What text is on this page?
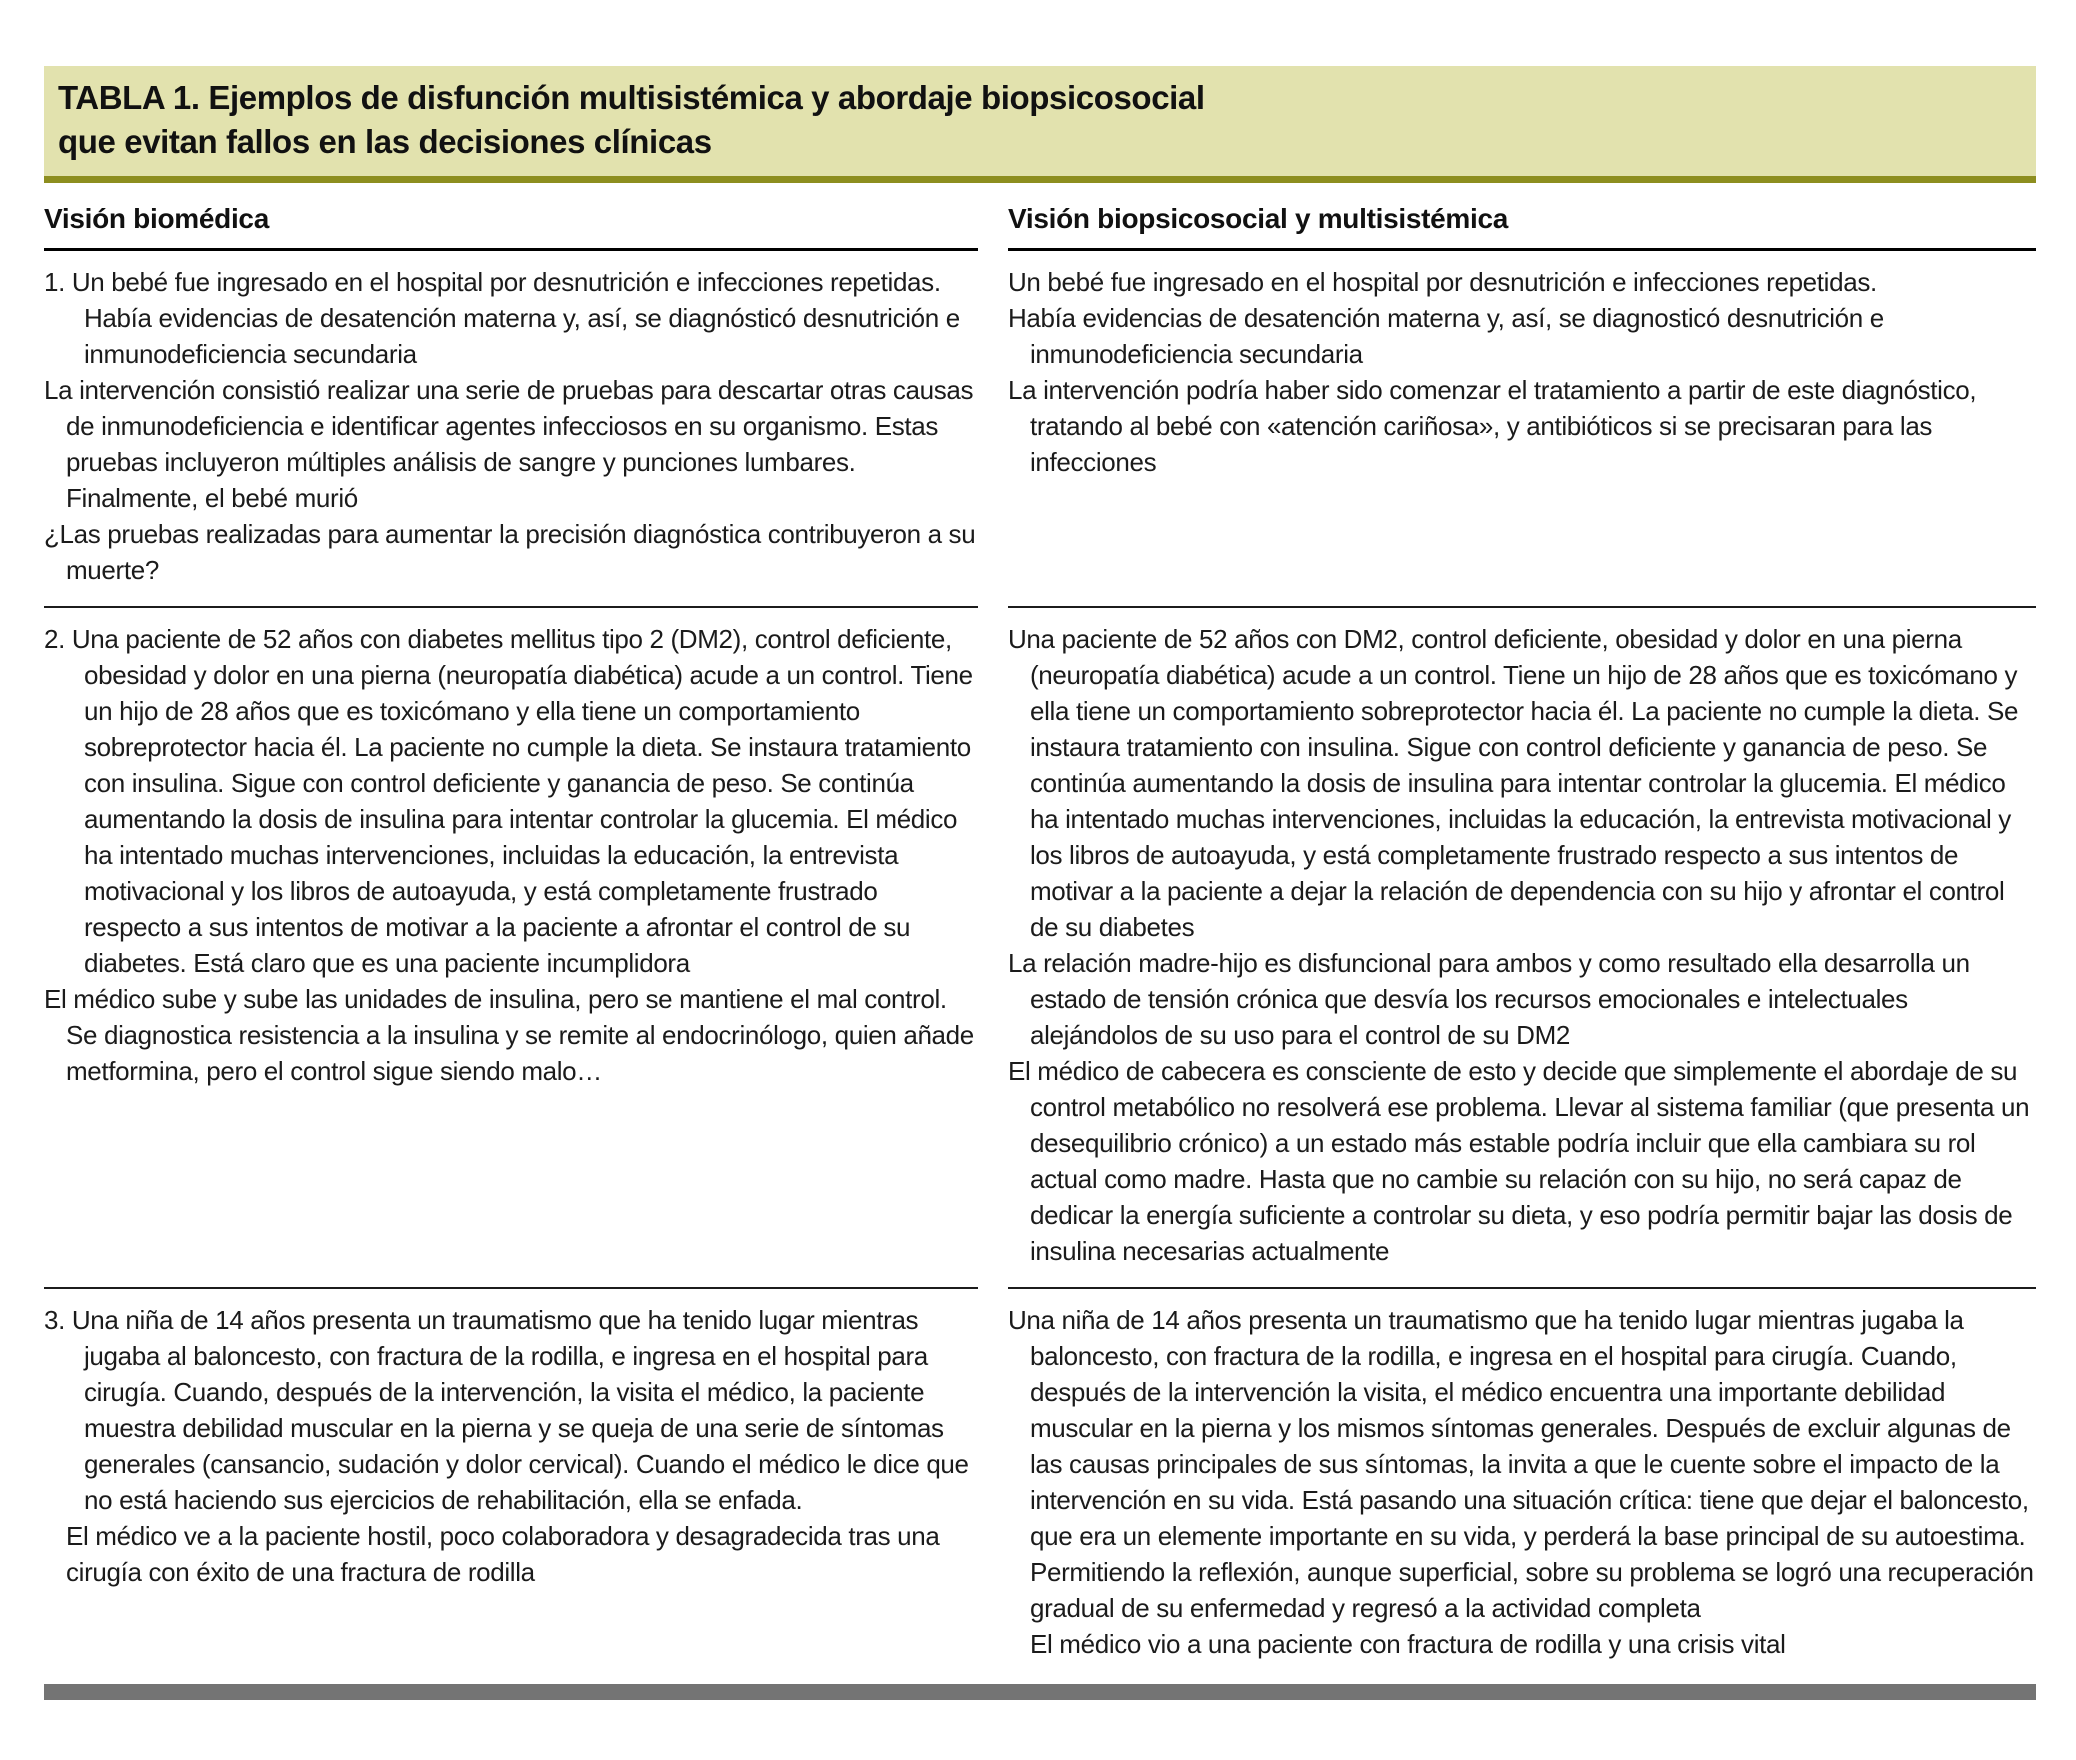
TABLA 1. Ejemplos de disfunción multisistémica y abordaje biopsicosocial
que evitan fallos en las decisiones clínicas
Visión biomédica	Visión biopsicosocial y multisistémica

1. Un bebé fue ingresado en el hospital por desnutrición e infecciones repetidas. Había evidencias de desatención materna y, así, se diagnósticó desnutrición e inmunodeficiencia secundaria

La intervención consistió realizar una serie de pruebas para descartar otras causas de inmunodeficiencia e identificar agentes infecciosos en su organismo. Estas pruebas incluyeron múltiples análisis de sangre y punciones lumbares. Finalmente, el bebé murió

¿Las pruebas realizadas para aumentar la precisión diagnóstica contribuyeron a su muerte?

Un bebé fue ingresado en el hospital por desnutrición e infecciones repetidas.

Había evidencias de desatención materna y, así, se diagnosticó desnutrición e inmunodeficiencia secundaria

La intervención podría haber sido comenzar el tratamiento a partir de este diagnóstico, tratando al bebé con «atención cariñosa», y antibióticos si se precisaran para las infecciones

2. Una paciente de 52 años con diabetes mellitus tipo 2 (DM2), control deficiente, obesidad y dolor en una pierna (neuropatía diabética) acude a un control. Tiene un hijo de 28 años que es toxicómano y ella tiene un comportamiento sobreprotector hacia él. La paciente no cumple la dieta. Se instaura tratamiento con insulina. Sigue con control deficiente y ganancia de peso. Se continúa aumentando la dosis de insulina para intentar controlar la glucemia. El médico ha intentado muchas intervenciones, incluidas la educación, la entrevista motivacional y los libros de autoayuda, y está completamente frustrado respecto a sus intentos de motivar a la paciente a afrontar el control de su diabetes. Está claro que es una paciente incumplidora

El médico sube y sube las unidades de insulina, pero se mantiene el mal control. Se diagnostica resistencia a la insulina y se remite al endocrinólogo, quien añade metformina, pero el control sigue siendo malo…

Una paciente de 52 años con DM2, control deficiente, obesidad y dolor en una pierna (neuropatía diabética) acude a un control. Tiene un hijo de 28 años que es toxicómano y ella tiene un comportamiento sobreprotector hacia él. La paciente no cumple la dieta. Se instaura tratamiento con insulina. Sigue con control deficiente y ganancia de peso. Se continúa aumentando la dosis de insulina para intentar controlar la glucemia. El médico ha intentado muchas intervenciones, incluidas la educación, la entrevista motivacional y los libros de autoayuda, y está completamente frustrado respecto a sus intentos de motivar a la paciente a dejar la relación de dependencia con su hijo y afrontar el control de su diabetes

La relación madre-hijo es disfuncional para ambos y como resultado ella desarrolla un estado de tensión crónica que desvía los recursos emocionales e intelectuales alejándolos de su uso para el control de su DM2

El médico de cabecera es consciente de esto y decide que simplemente el abordaje de su control metabólico no resolverá ese problema. Llevar al sistema familiar (que presenta un desequilibrio crónico) a un estado más estable podría incluir que ella cambiara su rol actual como madre. Hasta que no cambie su relación con su hijo, no será capaz de dedicar la energía suficiente a controlar su dieta, y eso podría permitir bajar las dosis de insulina necesarias actualmente

3. Una niña de 14 años presenta un traumatismo que ha tenido lugar mientras jugaba al baloncesto, con fractura de la rodilla, e ingresa en el hospital para cirugía. Cuando, después de la intervención, la visita el médico, la paciente muestra debilidad muscular en la pierna y se queja de una serie de síntomas generales (cansancio, sudación y dolor cervical). Cuando el médico le dice que no está haciendo sus ejercicios de rehabilitación, ella se enfada.

El médico ve a la paciente hostil, poco colaboradora y desagradecida tras una cirugía con éxito de una fractura de rodilla

Una niña de 14 años presenta un traumatismo que ha tenido lugar mientras jugaba la baloncesto, con fractura de la rodilla, e ingresa en el hospital para cirugía. Cuando, después de la intervención la visita, el médico encuentra una importante debilidad muscular en la pierna y los mismos síntomas generales. Después de excluir algunas de las causas principales de sus síntomas, la invita a que le cuente sobre el impacto de la intervención en su vida. Está pasando una situación crítica: tiene que dejar el baloncesto, que era un elemente importante en su vida, y perderá la base principal de su autoestima. Permitiendo la reflexión, aunque superficial, sobre su problema se logró una recuperación gradual de su enfermedad y regresó a la actividad completa

El médico vio a una paciente con fractura de rodilla y una crisis vital
